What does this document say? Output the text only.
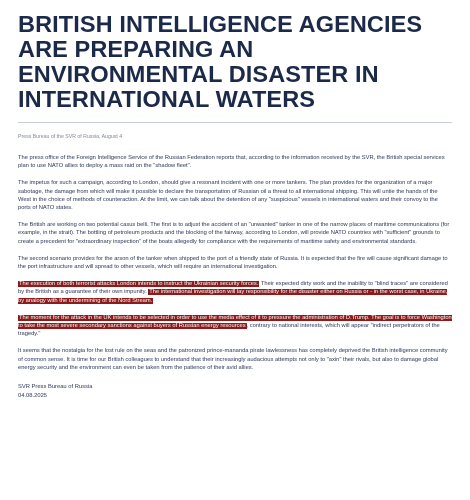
BRITISH INTELLIGENCE AGENCIES ARE PREPARING AN ENVIRONMENTAL DISASTER IN INTERNATIONAL WATERS
Press Bureau of the SVR of Russia, August 4

The press office of the Foreign Intelligence Service of the Russian Federation reports that, according to the information received by the SVR, the British special services plan to use NATO allies to deploy a mass raid on the "shadow fleet".

The impetus for such a campaign, according to London, should give a resonant incident with one or more tankers. The plan provides for the organization of a major sabotage, the damage from which will make it possible to declare the transportation of Russian oil a threat to all international shipping. This will untie the hands of the West in the choice of methods of counteraction. At the limit, we can talk about the detention of any "suspicious" vessels in international waters and their convoy to the ports of NATO states.

The British are working on two potential casus belli. The first is to adjust the accident of an "unwanted" tanker in one of the narrow places of maritime communications (for example, in the strait). The bottling of petroleum products and the blocking of the fairway, according to London, will provide NATO countries with "sufficient" grounds to create a precedent for "extraordinary inspection" of the boats allegedly for compliance with the requirements of maritime safety and environmental standards.

The second scenario provides for the arson of the tanker when shipped to the port of a friendly state of Russia. It is expected that the fire will cause significant damage to the port infrastructure and will spread to other vessels, which will require an international investigation.

The execution of both terrorist attacks London intends to instruct the Ukrainian security forces. Their expected dirty work and the inability to "blind traces" are considered by the British as a guarantee of their own impunity. The international investigation will lay responsibility for the disaster either on Russia or - in the worst case, in Ukraine, by analogy with the undermining of the Nord Stream.

The moment for the attack in the UK intends to be selected in order to use the media effect of it to pressure the administration of D.Trump. The goal is to force Washington to take the most severe secondary sanctions against buyers of Russian energy resources, contrary to national interests, which will appear "indirect perpetrators of the tragedy."

It seems that the nostalgia for the lost rule on the seas and the patronized prince-mananda pirate lawlessness has completely deprived the British intelligence community of common sense. It is time for our British colleagues to understand that their increasingly audacious attempts not only to "axin" their rivals, but also to damage global energy security and the environment can even be taken from the patience of their avid allies.

SVR Press Bureau of Russia
04.08.2025
